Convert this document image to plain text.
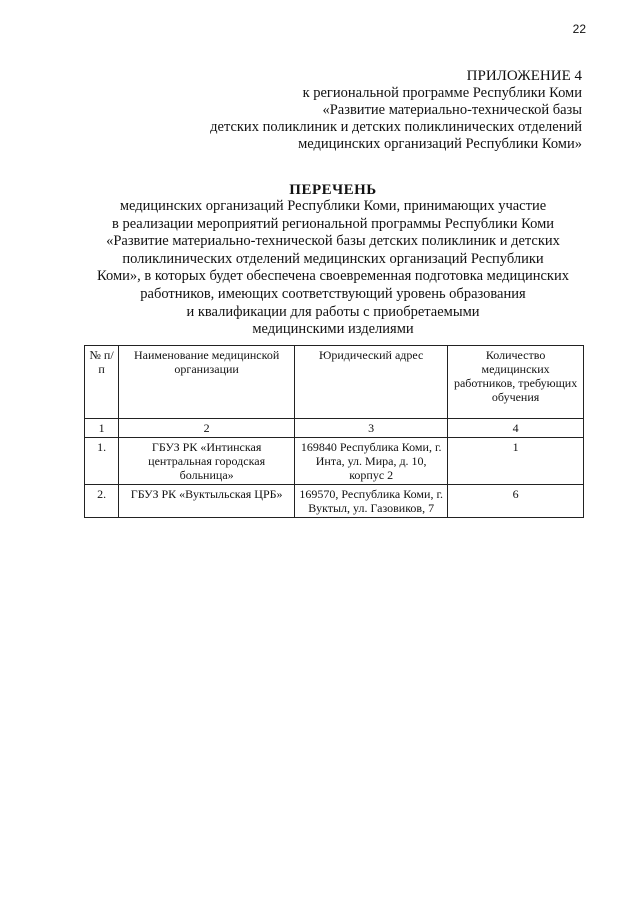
22
ПРИЛОЖЕНИЕ 4
к региональной программе Республики Коми
«Развитие материально-технической базы
детских поликлиник и детских поликлинических отделений
медицинских организаций Республики Коми»
ПЕРЕЧЕНЬ
медицинских организаций Республики Коми, принимающих участие
в реализации мероприятий региональной программы Республики Коми
«Развитие материально-технической базы детских поликлиник и детских
поликлинических отделений медицинских организаций Республики
Коми», в которых будет обеспечена своевременная подготовка медицинских
работников, имеющих соответствующий уровень образования
и квалификации для работы с приобретаемыми
медицинскими изделиями
№ п/п	Наименование медицинской организации	Юридический адрес	Количество медицинских работников, требующих обучения
1	2	3	4
1.	ГБУЗ РК «Интинская центральная городская больница»	169840 Республика Коми, г. Инта, ул. Мира, д. 10, корпус 2	1
2.	ГБУЗ РК «Вуктыльская ЦРБ»	169570, Республика Коми, г. Вуктыл, ул. Газовиков, 7	6
